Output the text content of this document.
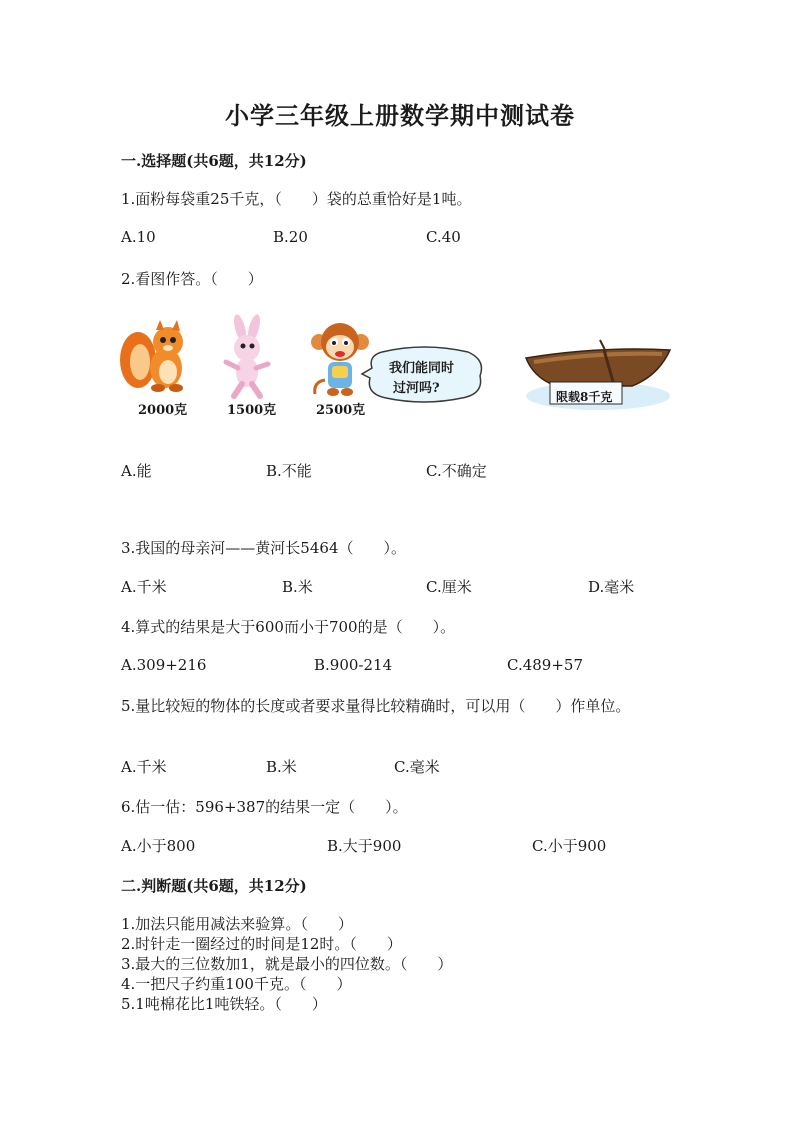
小学三年级上册数学期中测试卷
一.选择题(共6题，共12分)
1.面粉每袋重25千克，（　　）袋的总重恰好是1吨。
A.10	B.20	C.40
2.看图作答。（　　）
2000克	1500克	2500克
我们能同时
过河吗?
限载8千克
A.能	B.不能	C.不确定
3.我国的母亲河——黄河长5464（　　）。
A.千米	B.米	C.厘米	D.毫米
4.算式的结果是大于600而小于700的是（　　）。
A.309+216	B.900-214	C.489+57
5.量比较短的物体的长度或者要求量得比较精确时，可以用（　　）作单位。
A.千米	B.米	C.毫米
6.估一估：596+387的结果一定（　　）。
A.小于800	B.大于900	C.小于900
二.判断题(共6题，共12分)
1.加法只能用减法来验算。（　　）
2.时针走一圈经过的时间是12时。（　　）
3.最大的三位数加1，就是最小的四位数。（　　）
4.一把尺子约重100千克。（　　）
5.1吨棉花比1吨铁轻。（　　）
